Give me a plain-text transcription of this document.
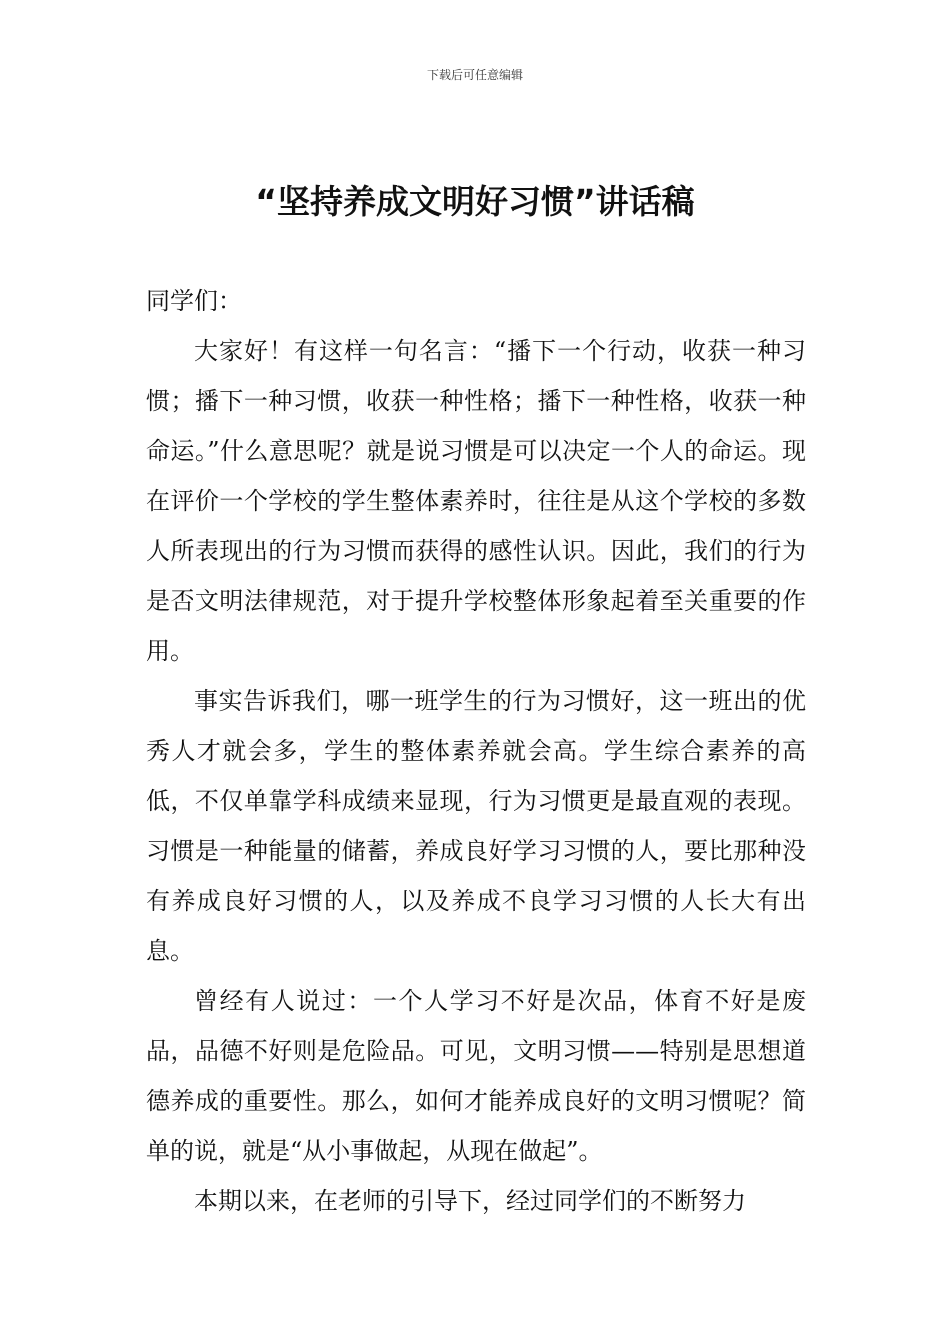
下载后可任意编辑
“坚持养成文明好习惯”讲话稿

同学们：

大家好！有这样一句名言：“播下一个行动，收获一种习惯；播下一种习惯，收获一种性格；播下一种性格，收获一种命运。”什么意思呢？就是说习惯是可以决定一个人的命运。现在评价一个学校的学生整体素养时，往往是从这个学校的多数人所表现出的行为习惯而获得的感性认识。因此，我们的行为是否文明法律规范，对于提升学校整体形象起着至关重要的作用。

事实告诉我们，哪一班学生的行为习惯好，这一班出的优秀人才就会多，学生的整体素养就会高。学生综合素养的高低，不仅单靠学科成绩来显现，行为习惯更是最直观的表现。习惯是一种能量的储蓄，养成良好学习习惯的人，要比那种没有养成良好习惯的人，以及养成不良学习习惯的人长大有出息。

曾经有人说过：一个人学习不好是次品，体育不好是废品，品德不好则是危险品。可见，文明习惯——特别是思想道德养成的重要性。那么，如何才能养成良好的文明习惯呢？简单的说，就是“从小事做起，从现在做起”。

本期以来，在老师的引导下，经过同学们的不断努力
